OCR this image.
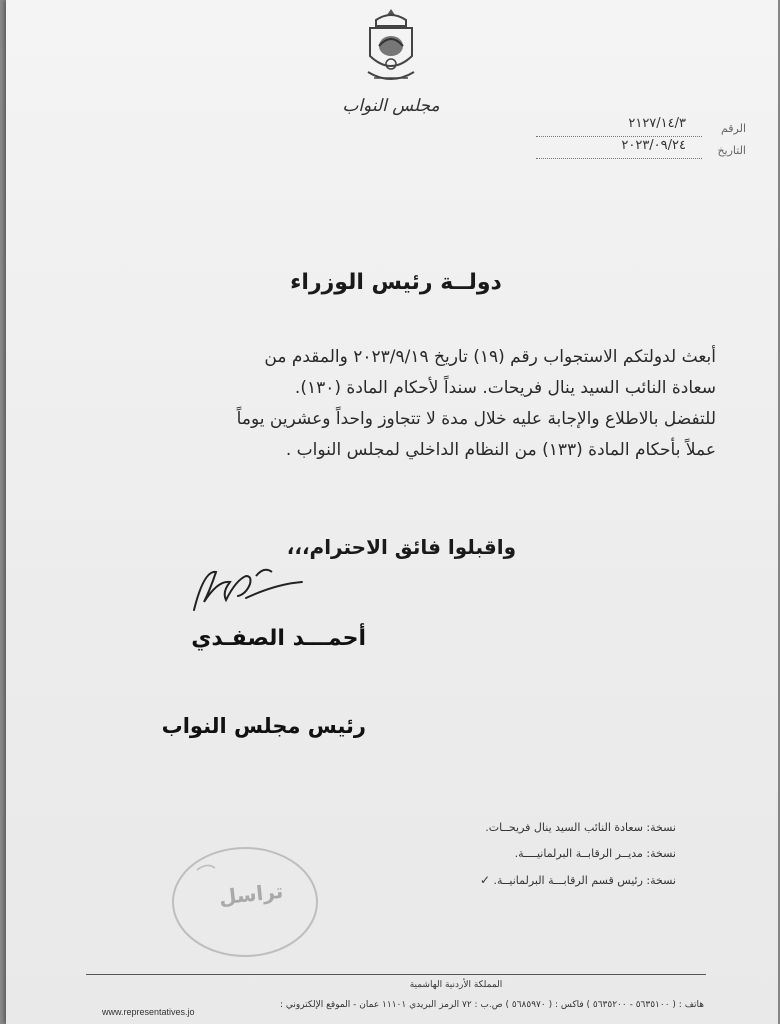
مجلس النواب
الرقم
٢١٢٧/١٤/٣
التاريخ
٢٠٢٣/٠٩/٢٤
دولــة رئيس الوزراء

أبعث لدولتكم الاستجواب رقم (١٩) تاريخ ٢٠٢٣/٩/١٩ والمقدم من

سعادة النائب السيد ينال فريحات. سنداً لأحكام المادة (١٣٠).

للتفضل بالاطلاع والإجابة عليه خلال مدة لا تتجاوز واحداً وعشرين يوماً

عملاً بأحكام المادة (١٣٣) من النظام الداخلي لمجلس النواب .

واقبلوا فائق الاحترام،،،
أحمـــد الصفـدي
رئيس مجلس النواب
نسخة: سعادة النائب السيد ينال فريحــات.
نسخة: مديــر الرقابــة البرلمانيــــة.
نسخة: رئيس قسم الرقابـــة البرلمانيــة. ✓
تراسل
المملكة الأردنية الهاشمية
هاتف : ( ٥٦٣٥١٠٠ - ٥٦٣٥٢٠٠ ) فاكس : ( ٥٦٨٥٩٧٠ ) ص.ب : ٧٢ الرمز البريدي ١١١٠١ عمان - الموقع الإلكتروني :
www.representatives.jo
